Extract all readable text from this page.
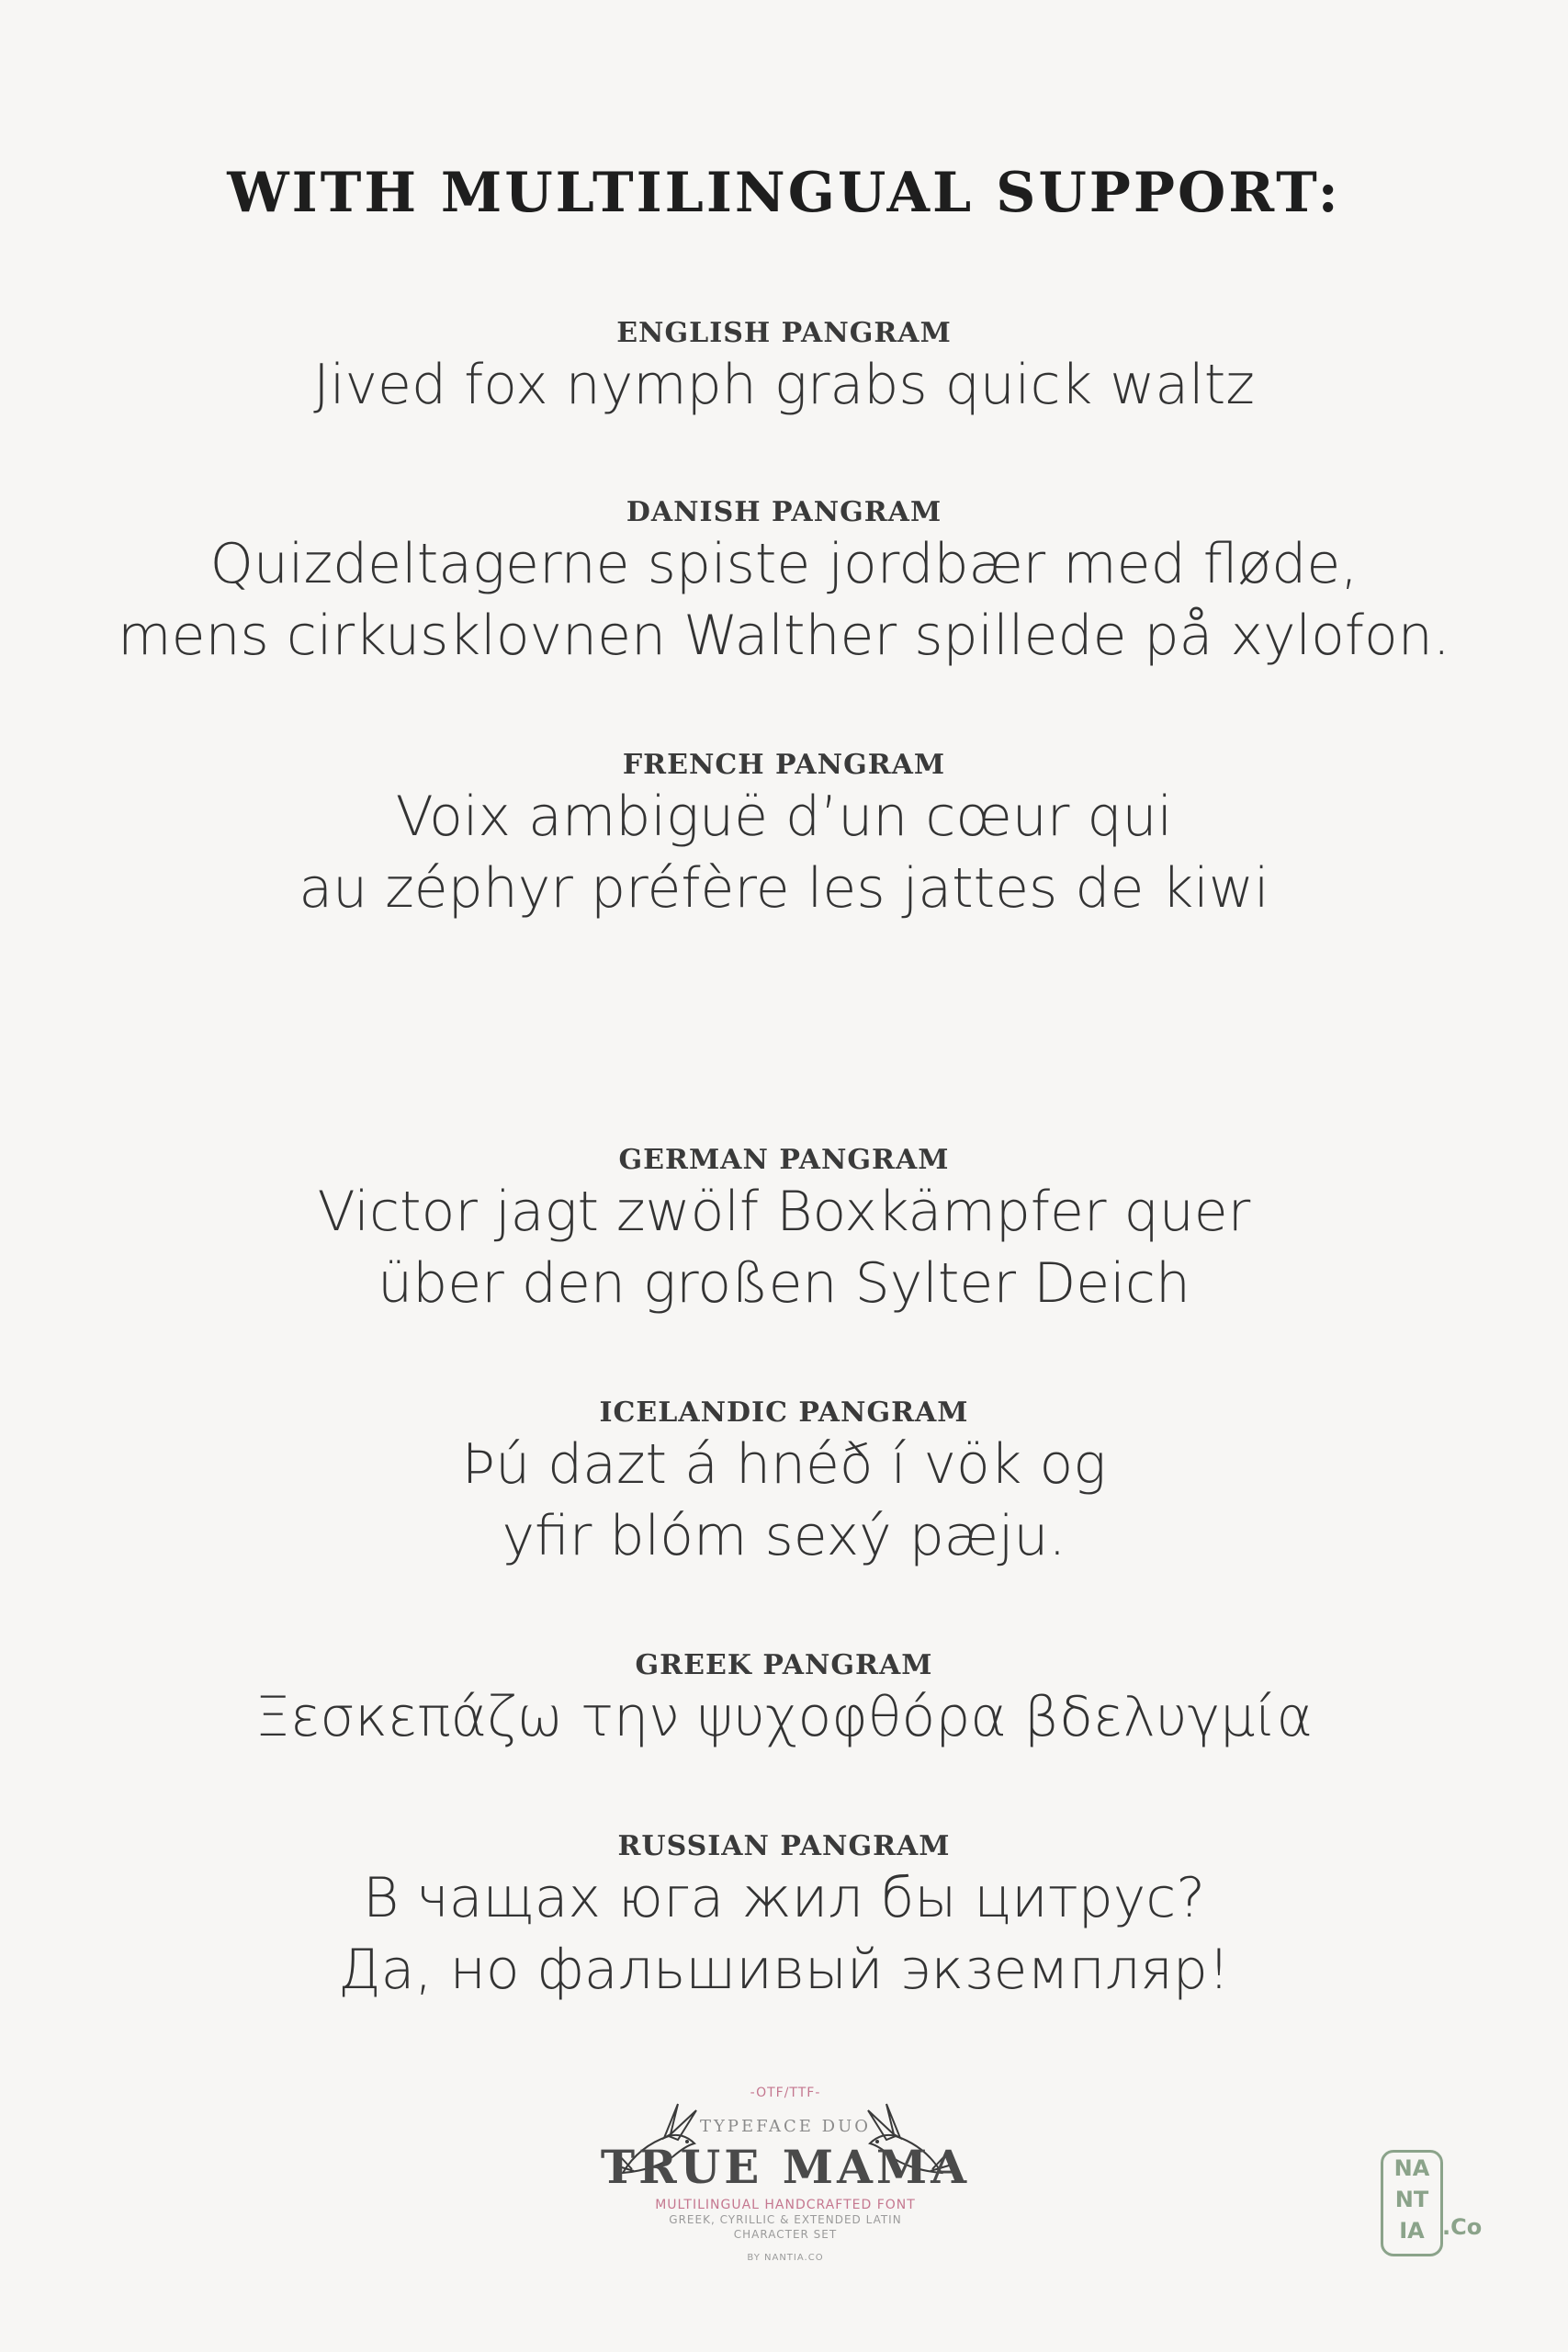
WITH MULTILINGUAL SUPPORT:
ENGLISH PANGRAM
Jived fox nymph grabs quick waltz
DANISH PANGRAM
Quizdeltagerne spiste jordbær med fløde,
mens cirkusklovnen Walther spillede på xylofon.
FRENCH PANGRAM
Voix ambiguë d’un cœur qui
au zéphyr préfère les jattes de kiwi
GERMAN PANGRAM
Victor jagt zwölf Boxkämpfer quer
über den großen Sylter Deich
ICELANDIC PANGRAM
Þú dazt á hnéð í vök og
yfir blóm sexý pæju.
GREEK PANGRAM
Ξεσκεπάζω την ψυχοφθόρα βδελυγμία
RUSSIAN PANGRAM
В чащах юга жил бы цитрус?
Да, но фальшивый экземпляр!
-OTF/TTF-
TYPEFACE DUO
TRUE MAMA
MULTILINGUAL HANDCRAFTED FONT
GREEK, CYRILLIC & EXTENDED LATIN
CHARACTER SET
BY NANTIA.CO
NA
NT
IA .Co
